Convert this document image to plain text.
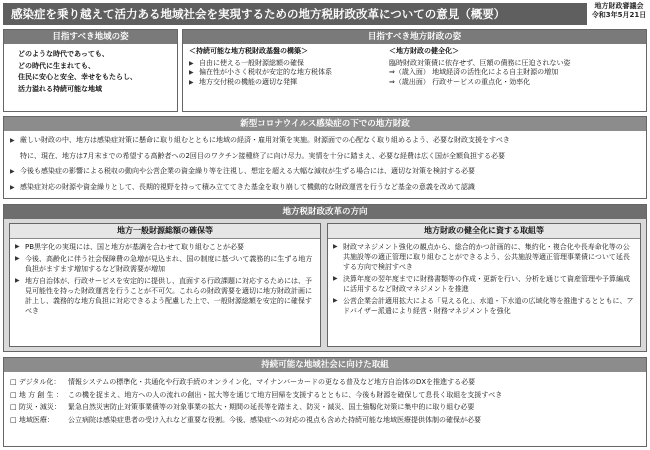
感染症を乗り越えて活力ある地域社会を実現するための地方税財政改革についての意見（概要）
地方財政審議会
令和3年5月21日
目指すべき地域の姿
どのような時代であっても、
どの時代に生まれても、
住民に安心と安全、幸せをもたらし、
活力溢れる持続可能な地域
目指すべき地方財政の姿
＜持続可能な地方税財政基盤の構築＞
▶ 自由に使える一般財源総額の確保
▶ 偏在性が小さく税収が安定的な地方税体系
▶ 地方交付税の機能の適切な発揮
＜地方財政の健全化＞
臨時財政対策債に依存せず、巨額の債務に圧迫されない姿
⇒（歳入面） 地域経済の活性化による自主財源の増加
⇒（歳出面） 行政サービスの重点化・効率化
新型コロナウイルス感染症の下での地方財政
▶ 厳しい財政の中、地方は感染症対策に懸命に取り組むとともに地域の経済・雇用対策を実施。財源面での心配なく取り組めるよう、必要な財政支援をすべき
特に、現在、地方は7月末までの希望する高齢者への2回目のワクチン接種終了に向け尽力。実情を十分に踏まえ、必要な経費は広く国が全額負担する必要
▶ 今後も感染症の影響による税収の動向や公営企業の資金繰り等を注視し、想定を超える大幅な減収が生ずる場合には、適切な対策を検討する必要
▶ 感染症対応の財源や資金繰りとして、長期的視野を持って積み立ててきた基金を取り崩して機動的な財政運営を行うなど基金の意義を改めて認識
地方税財政改革の方向
地方一般財源総額の確保等
▶ PB黒字化の実現には、国と地方が基調を合わせて取り組むことが必要
▶ 今後、高齢化に伴う社会保障費の急増が見込まれ、国の制度に基づいて義務的に生ずる地方負担がますます増加するなど財政需要が増加
▶ 地方自治体が、行政サービスを安定的に提供し、直面する行政課題に対応するためには、予見可能性を持った財政運営を行うことが不可欠。これらの財政需要を適切に地方財政計画に計上し、義務的な地方負担に対応できるよう配慮した上で、一般財源総額を安定的に確保すべき
地方財政の健全化に資する取組等
▶ 財政マネジメント強化の観点から、総合的かつ計画的に、集約化・複合化や長寿命化等の公共施設等の適正管理に取り組むことができるよう、公共施設等適正管理事業債について延長する方向で検討すべき
▶ 決算年度の翌年度までに財務書類等の作成・更新を行い、分析を通じて資産管理や予算編成に活用するなど財政マネジメントを推進
▶ 公営企業会計適用拡大による「見える化」、水道・下水道の広域化等を推進するとともに、アドバイザー派遣により経営・財務マネジメントを強化
持続可能な地域社会に向けた取組
□ デジタル化：	情報システムの標準化・共通化や行政手続のオンライン化、マイナンバーカードの更なる普及など地方自治体のDXを推進する必要
□ 地 方 創 生 ： この機を捉まえ、地方への人の流れの創出・拡大等を通じて地方回帰を支援するとともに、今後も財源を確保して息長く取組を支援すべき
□ 防災・減災：	緊急自然災害防止対策事業債等の対象事業の拡大・期間の延長等を踏まえ、防災・減災、国土強靱化対策に集中的に取り組む必要
□ 地域医療：	公立病院は感染症患者の受け入れなど重要な役割。今後、感染症への対応の視点も含めた持続可能な地域医療提供体制の確保が必要
